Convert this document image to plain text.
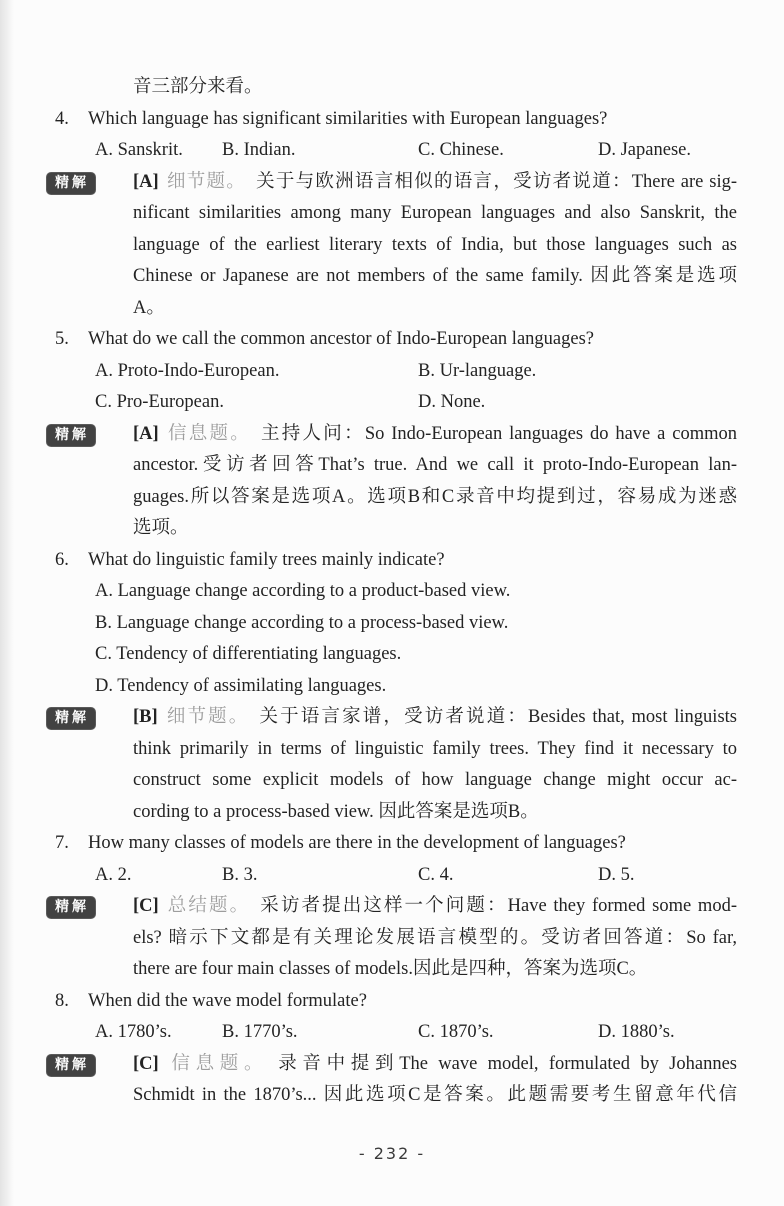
音三部分来看。
4.	Which language has significant similarities with European languages?
A. Sanskrit.	B. Indian.	C. Chinese.	D. Japanese.
精解	[A] 细节题。 关于与欧洲语言相似的语言，受访者说道：There are sig-
nificant similarities among many European languages and also Sanskrit, the
language of the earliest literary texts of India, but those languages such as
Chinese or Japanese are not members of the same family. 因此答案是选项
A。
5.	What do we call the common ancestor of Indo-European languages?
A. Proto-Indo-European.	B. Ur-language.
C. Pro-European.	D. None.
精解	[A] 信息题。 主持人问：So Indo-European languages do have a common
ancestor.受访者回答That’s true. And we call it proto-Indo-European lan-
guages.所以答案是选项A。选项B和C录音中均提到过，容易成为迷惑
选项。
6.	What do linguistic family trees mainly indicate?
A. Language change according to a product-based view.
B. Language change according to a process-based view.
C. Tendency of differentiating languages.
D. Tendency of assimilating languages.
精解	[B] 细节题。 关于语言家谱，受访者说道：Besides that, most linguists
think primarily in terms of linguistic family trees. They find it necessary to
construct some explicit models of how language change might occur ac-
cording to a process-based view. 因此答案是选项B。
7.	How many classes of models are there in the development of languages?
A. 2.	B. 3.	C. 4.	D. 5.
精解	[C] 总结题。 采访者提出这样一个问题：Have they formed some mod-
els? 暗示下文都是有关理论发展语言模型的。受访者回答道：So far,
there are four main classes of models.因此是四种，答案为选项C。
8.	When did the wave model formulate?
A. 1780’s.	B. 1770’s.	C. 1870’s.	D. 1880’s.
精解	[C] 信息题。 录音中提到The wave model, formulated by Johannes
Schmidt in the 1870’s... 因此选项C是答案。此题需要考生留意年代信
- 232 -
